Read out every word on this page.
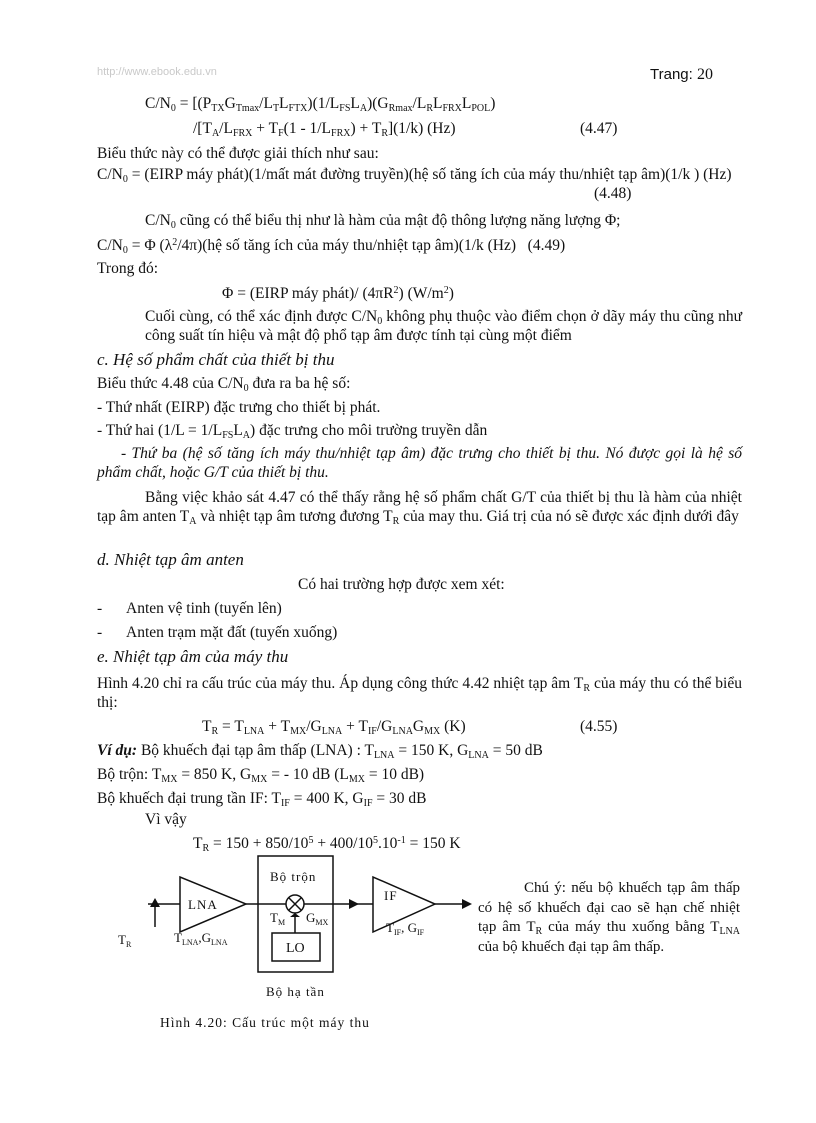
http://www.ebook.edu.vn	Trang: 20
$C/N_0 = [(P_{TX}G_{Tmax}/L_TL_{FTX})(1/L_{FS}L_A)(G_{Rmax}/L_RL_{FRX}L_{POL})$
$/[T_A/L_{FRX} + T_F(1 - 1/L_{FRX}) + T_R](1/k)$ (Hz)	(4.47)
Biểu thức này có thể được giải thích như sau:
$C/N_0$ = (EIRP máy phát)(1/mất mát đường truyền)(hệ số tăng ích của máy thu/nhiệt tạp âm)(1/k ) (Hz)
(4.48)
$C/N_0$ cũng có thể biểu thị như là hàm của mật độ thông lượng năng lượng Φ;
$C/N_0 = \Phi$ $(\lambda^2/4\pi)(hệ$ số tăng ích của máy thu/nhiệt tạp âm)(1/k (Hz) (4.49)
Trong đó:
Φ = (EIRP máy phát)/ $(4\pi R^2)$ $(W/m^2)$
Cuối cùng, có thể xác định được $C/N_0$ không phụ thuộc vào điểm chọn ở dãy máy thu cũng như công suất tín hiệu và mật độ phổ tạp âm được tính tại cùng một điểm
c. Hệ số phẩm chất của thiết bị thu
Biểu thức 4.48 của $C/N_0$ đưa ra ba hệ số:
- Thứ nhất (EIRP) đặc trưng cho thiết bị phát.
- Thứ hai $(1/L = 1/L_{FS}L_A)$ đặc trưng cho môi trường truyền dẫn
- Thứ ba (hệ số tăng ích máy thu/nhiệt tạp âm) đặc trưng cho thiết bị thu. Nó được gọi là hệ số phẩm chất, hoặc G/T của thiết bị thu.
Bằng việc khảo sát 4.47 có thể thấy rằng hệ số phẩm chất G/T của thiết bị thu là hàm của nhiệt tạp âm anten $T_A$ và nhiệt tạp âm tương đương $T_R$ của may thu. Giá trị của nó sẽ được xác định dưới đây
d. Nhiệt tạp âm anten
Có hai trường hợp được xem xét:
-	Anten vệ tinh (tuyến lên)
-	Anten trạm mặt đất (tuyến xuống)
e. Nhiệt tạp âm của máy thu
Hình 4.20 chỉ ra cấu trúc của máy thu. Áp dụng công thức 4.42 nhiệt tạp âm $T_R$ của máy thu có thể biểu thị:
$T_R = T_{LNA} + T_{MX}/G_{LNA} + T_{IF}/G_{LNA}G_{MX}$ (K)	(4.55)
Ví dụ: Bộ khuếch đại tạp âm thấp (LNA) : $T_{LNA} = 150$ K, $G_{LNA} = 50$ dB
Bộ trộn: $T_{MX} = 850$ K, $G_{MX}$ = - 10 dB ($L_{MX} = 10$ dB)
Bộ khuếch đại trung tần IF: $T_{IF} = 400$ K, $G_{IF} = 30$ dB
Vì vậy
$T_R = 150 + 850/10^5 + 400/10^5.10^{-1} = 150$ K
Bộ trộn
LNA
IF
LO
$T_R$	$T_{LNA},G_{LNA}$
$T_M$ $G_{MX}$	$T_{IF}$, $G_{IF}$
Bộ hạ tần
Hình 4.20: Cấu trúc một máy thu
Chú ý: nếu bộ khuếch tạp âm thấp có hệ số khuếch đại cao sẽ hạn chế nhiệt tạp âm $T_R$ của máy thu xuống bằng $T_{LNA}$ của bộ khuếch đại tạp âm thấp.
